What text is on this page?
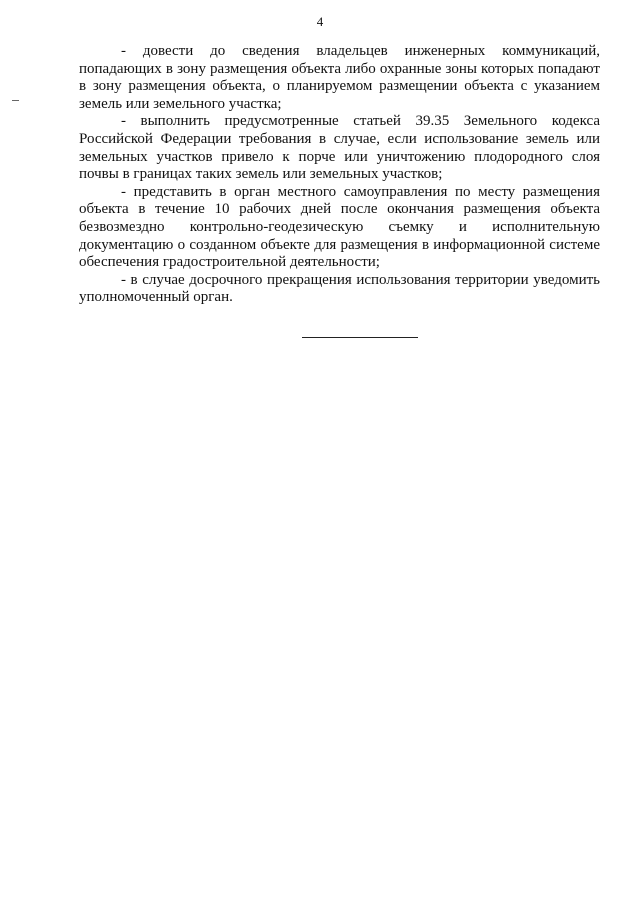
4

- довести до сведения владельцев инженерных коммуникаций, попадающих в зону размещения объекта либо охранные зоны которых попадают в зону размещения объекта, о планируемом размещении объекта с указанием земель или земельного участка;

- выполнить предусмотренные статьей 39.35 Земельного кодекса Российской Федерации требования в случае, если использование земель или земельных участков привело к порче или уничтожению плодородного слоя почвы в границах таких земель или земельных участков;

- представить в орган местного самоуправления по месту размещения объекта в течение 10 рабочих дней после окончания размещения объекта безвозмездно контрольно-геодезическую съемку и исполнительную документацию о созданном объекте для размещения в информационной системе обеспечения градостроительной деятельности;

- в случае досрочного прекращения использования территории уведомить уполномоченный орган.
